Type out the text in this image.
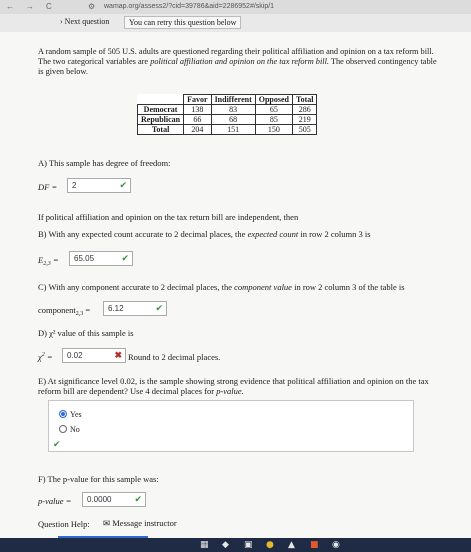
← → C	⚙ wamap.org/assess2/?cid=39786&aid=2286952#/skip/1
› Next question	You can retry this question below
A random sample of 505 U.S. adults are questioned regarding their political affiliation and opinion on a tax reform bill. The two categorical variables are political affiliation and opinion on the tax reform bill. The observed contingency table is given below.
	Favor	Indifferent	Opposed	Total
Democrat	138	83	65	286
Republican	66	68	85	219
Total	204	151	150	505
A) This sample has degree of freedom:
DF =	2	✔
If political affiliation and opinion on the tax return bill are independent, then
B) With any expected count accurate to 2 decimal places, the expected count in row 2 column 3 is
$E_{2,3}$ =	65.05	✔
C) With any component accurate to 2 decimal places, the component value in row 2 column 3 of the table is
component$_{2,3}$ =	6.12	✔
D) χ² value of this sample is
$\chi^2$ =	0.02	✖ Round to 2 decimal places.
E) At significance level 0.02, is the sample showing strong evidence that political affiliation and opinion on the tax reform bill are dependent? Use 4 decimal places for p-value.
Yes
No
✔
F) The p-value for this sample was:
p-value =	0.0000	✔
Question Help: ✉ Message instructor
▦ ◆ ▣ ● ▲ ■ ◉
